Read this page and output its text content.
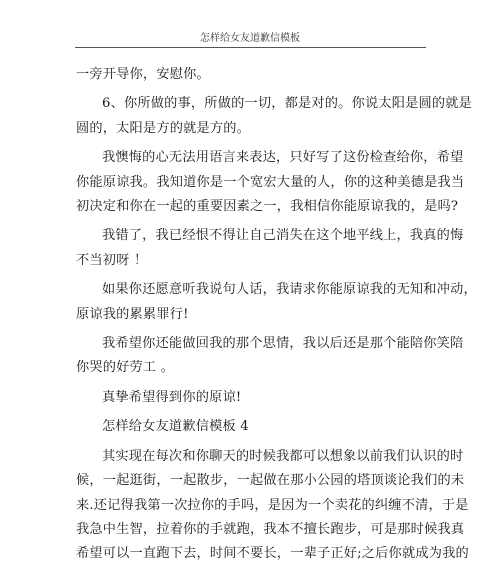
怎样给女友道歉信模板

一旁开导你，安慰你。

6、你所做的事，所做的一切，都是对的。你说太阳是圆的就是
圆的，太阳是方的就是方的。

我懊悔的心无法用语言来表达，只好写了这份检查给你，希望
你能原谅我。我知道你是一个宽宏大量的人，你的这种美德是我当
初决定和你在一起的重要因素之一，我相信你能原谅我的，是吗?

我错了，我已经恨不得让自己消失在这个地平线上，我真的悔
不当初呀 ！

如果你还愿意听我说句人话，我请求你能原谅我的无知和冲动，
原谅我的累累罪行!

我希望你还能做回我的那个思情，我以后还是那个能陪你笑陪
你哭的好劳工 。

真挚希望得到你的原谅!

怎样给女友道歉信模板 4

其实现在每次和你聊天的时候我都可以想象以前我们认识的时
候，一起逛街，一起散步，一起做在那小公园的塔顶谈论我们的未
来.还记得我第一次拉你的手吗，是因为一个卖花的纠缠不清，于是
我急中生智，拉着你的手就跑，我本不擅长跑步，可是那时候我真
希望可以一直跑下去，时间不要长，一辈子正好;之后你就成为我的
